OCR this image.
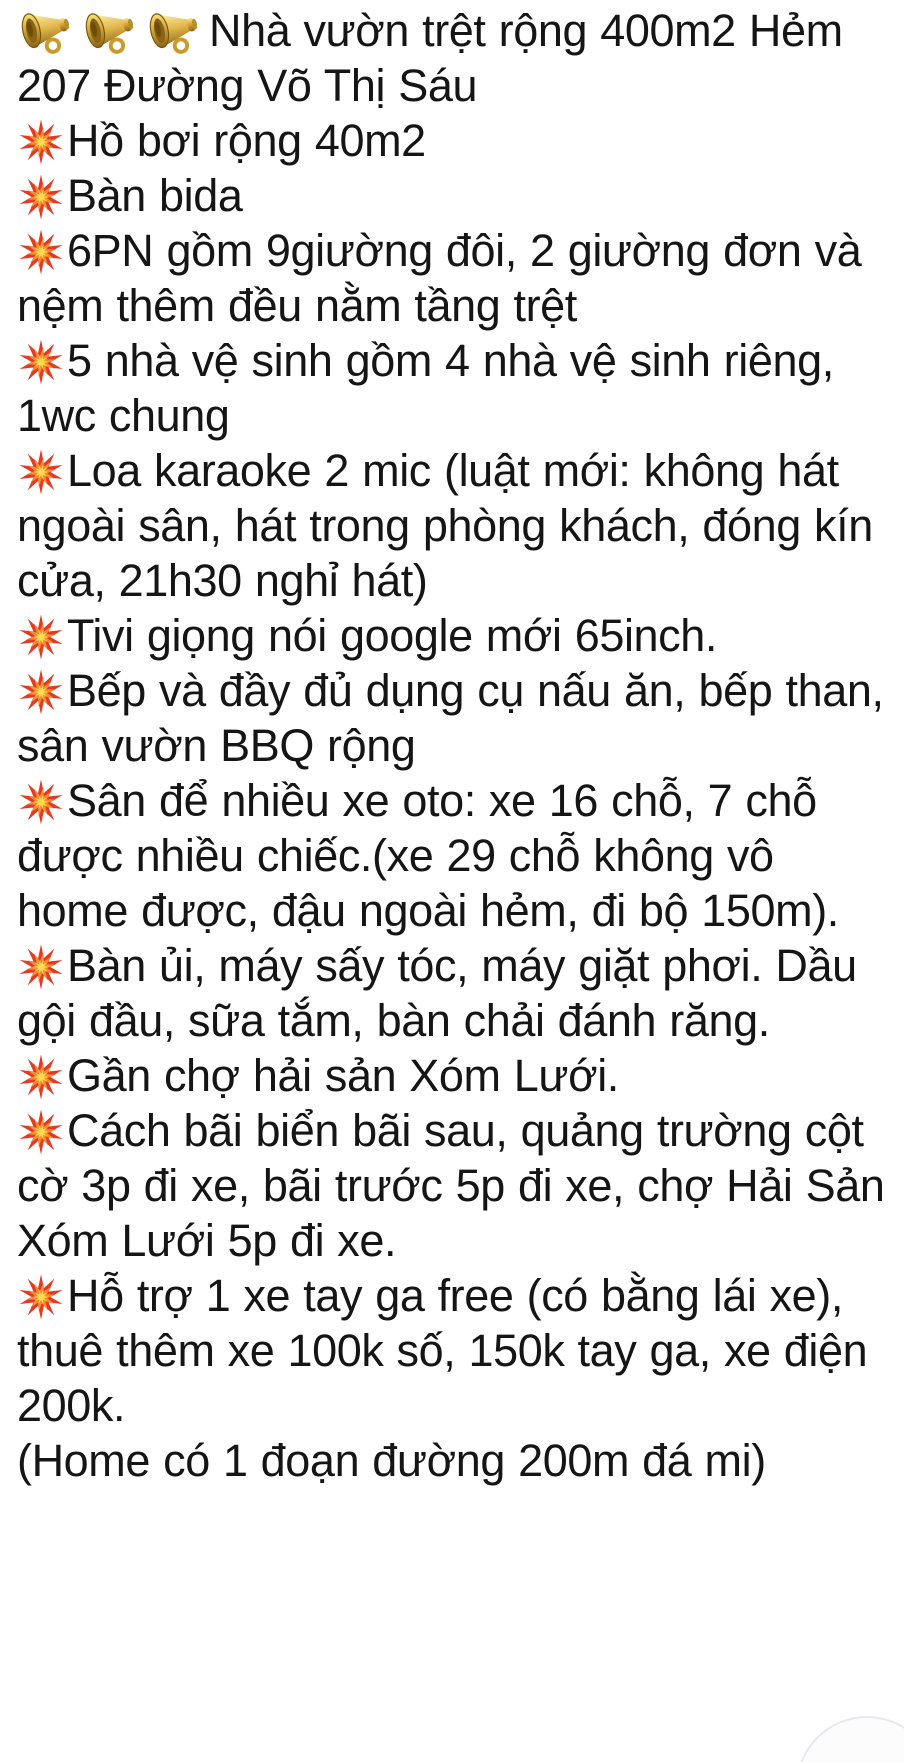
Nhà vườn trệt rộng 400m2 Hẻm 207 Đường Võ Thị Sáu
Hồ bơi rộng 40m2
Bàn bida
6PN gồm 9giường đôi, 2 giường đơn và nệm thêm đều nằm tầng trệt
5 nhà vệ sinh gồm 4 nhà vệ sinh riêng, 1wc chung
Loa karaoke 2 mic (luật mới: không hát ngoài sân, hát trong phòng khách, đóng kín cửa, 21h30 nghỉ hát)
Tivi giọng nói google mới 65inch.
Bếp và đầy đủ dụng cụ nấu ăn, bếp than, sân vườn BBQ rộng
Sân để nhiều xe oto: xe 16 chỗ, 7 chỗ được nhiều chiếc.(xe 29 chỗ không vô home được, đậu ngoài hẻm, đi bộ 150m).
Bàn ủi, máy sấy tóc, máy giặt phơi. Dầu gội đầu, sữa tắm, bàn chải đánh răng.
Gần chợ hải sản Xóm Lưới.
Cách bãi biển bãi sau, quảng trường cột cờ 3p đi xe, bãi trước 5p đi xe, chợ Hải Sản Xóm Lưới 5p đi xe.
Hỗ trợ 1 xe tay ga free (có bằng lái xe), thuê thêm xe 100k số, 150k tay ga, xe điện 200k.
(Home có 1 đoạn đường 200m đá mi)
